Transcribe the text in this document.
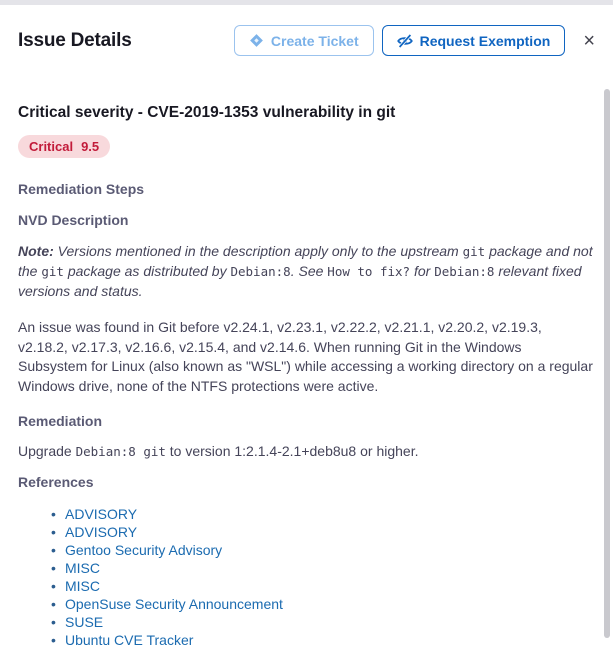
Issue Details	Create Ticket	Request Exemption	×
Critical severity - CVE-2019-1353 vulnerability in git
Critical 9.5
Remediation Steps
NVD Description

Note: Versions mentioned in the description apply only to the upstream git package and not the git package as distributed by Debian:8. See How to fix? for Debian:8 relevant fixed versions and status.

An issue was found in Git before v2.24.1, v2.23.1, v2.22.2, v2.21.1, v2.20.2, v2.19.3, v2.18.2, v2.17.3, v2.16.6, v2.15.4, and v2.14.6. When running Git in the Windows Subsystem for Linux (also known as "WSL") while accessing a working directory on a regular Windows drive, none of the NTFS protections were active.

Remediation

Upgrade Debian:8 git to version 1:2.1.4-2.1+deb8u8 or higher.

References
• ADVISORY
• ADVISORY
• Gentoo Security Advisory
• MISC
• MISC
• OpenSuse Security Announcement
• SUSE
• Ubuntu CVE Tracker
